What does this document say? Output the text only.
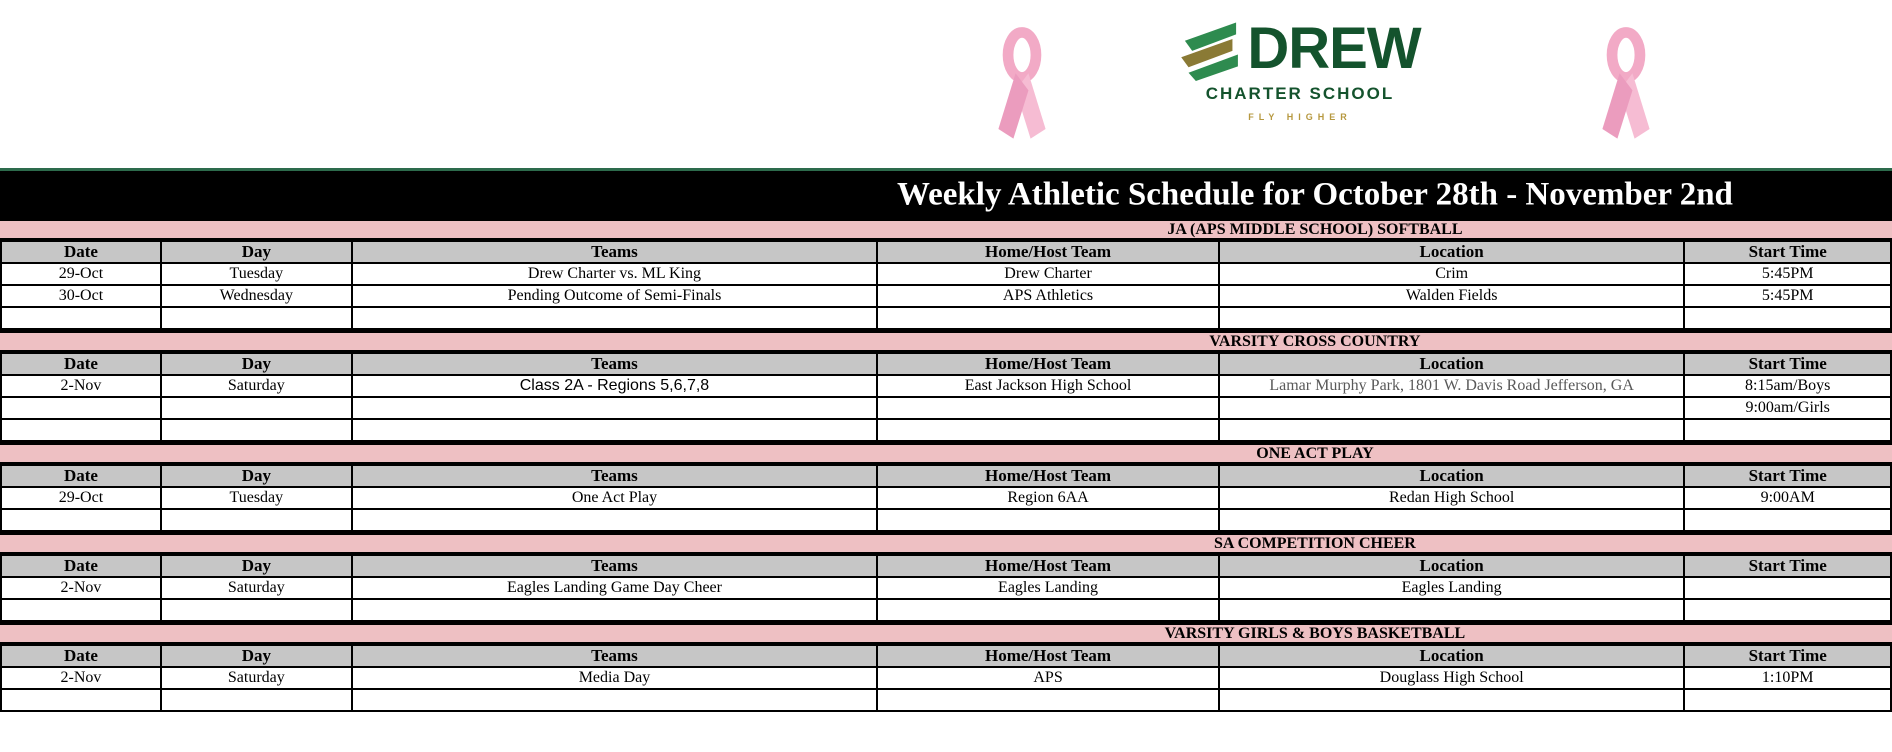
DREW
CHARTER SCHOOL
FLY HIGHER
Weekly Athletic Schedule for October 28th - November 2nd
JA (APS MIDDLE SCHOOL) SOFTBALL
Date	Day	Teams	Home/Host Team	Location	Start Time
29-Oct	Tuesday	Drew Charter vs. ML King	Drew Charter	Crim	5:45PM
30-Oct	Wednesday	Pending Outcome of Semi-Finals	APS Athletics	Walden Fields	5:45PM

VARSITY CROSS COUNTRY
Date	Day	Teams	Home/Host Team	Location	Start Time
2-Nov	Saturday	Class 2A - Regions 5,6,7,8	East Jackson High School	Lamar Murphy Park, 1801 W. Davis Road Jefferson, GA	8:15am/Boys
					9:00am/Girls

ONE ACT PLAY
Date	Day	Teams	Home/Host Team	Location	Start Time
29-Oct	Tuesday	One Act Play	Region 6AA	Redan High School	9:00AM

SA COMPETITION CHEER
Date	Day	Teams	Home/Host Team	Location	Start Time
2-Nov	Saturday	Eagles Landing Game Day Cheer	Eagles Landing	Eagles Landing	

VARSITY GIRLS & BOYS BASKETBALL
Date	Day	Teams	Home/Host Team	Location	Start Time
2-Nov	Saturday	Media Day	APS	Douglass High School	1:10PM
